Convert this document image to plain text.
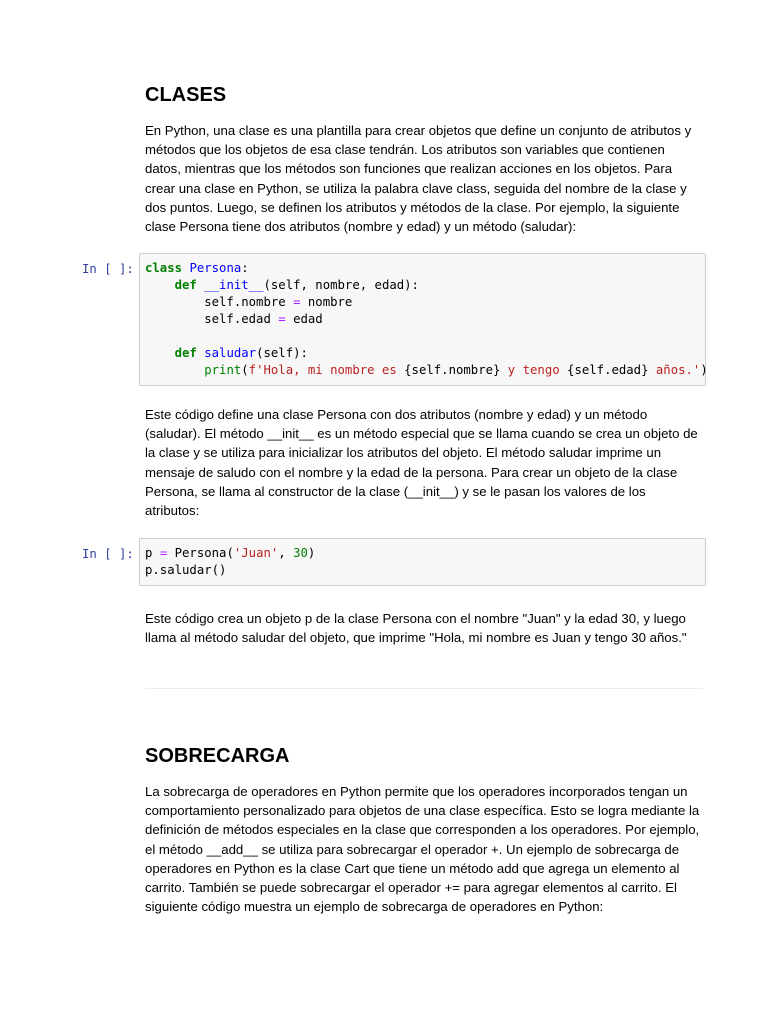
CLASES
En Python, una clase es una plantilla para crear objetos que define un conjunto de atributos y
métodos que los objetos de esa clase tendrán. Los atributos son variables que contienen
datos, mientras que los métodos son funciones que realizan acciones en los objetos. Para
crear una clase en Python, se utiliza la palabra clave class, seguida del nombre de la clase y
dos puntos. Luego, se definen los atributos y métodos de la clase. Por ejemplo, la siguiente
clase Persona tiene dos atributos (nombre y edad) y un método (saludar):
In [ ]: class Persona:
def __init__(self, nombre, edad):
self.nombre = nombre
self.edad = edad
def saludar(self):
print(f'Hola, mi nombre es {self.nombre} y tengo {self.edad} años.')
Este código define una clase Persona con dos atributos (nombre y edad) y un método
(saludar). El método __init__ es un método especial que se llama cuando se crea un objeto de
la clase y se utiliza para inicializar los atributos del objeto. El método saludar imprime un
mensaje de saludo con el nombre y la edad de la persona. Para crear un objeto de la clase
Persona, se llama al constructor de la clase (__init__) y se le pasan los valores de los
atributos:
In [ ]: p = Persona('Juan', 30)
p.saludar()
Este código crea un objeto p de la clase Persona con el nombre "Juan" y la edad 30, y luego
llama al método saludar del objeto, que imprime "Hola, mi nombre es Juan y tengo 30 años."
SOBRECARGA
La sobrecarga de operadores en Python permite que los operadores incorporados tengan un
comportamiento personalizado para objetos de una clase específica. Esto se logra mediante la
definición de métodos especiales en la clase que corresponden a los operadores. Por ejemplo,
el método __add__ se utiliza para sobrecargar el operador +. Un ejemplo de sobrecarga de
operadores en Python es la clase Cart que tiene un método add que agrega un elemento al
carrito. También se puede sobrecargar el operador += para agregar elementos al carrito. El
siguiente código muestra un ejemplo de sobrecarga de operadores en Python:
